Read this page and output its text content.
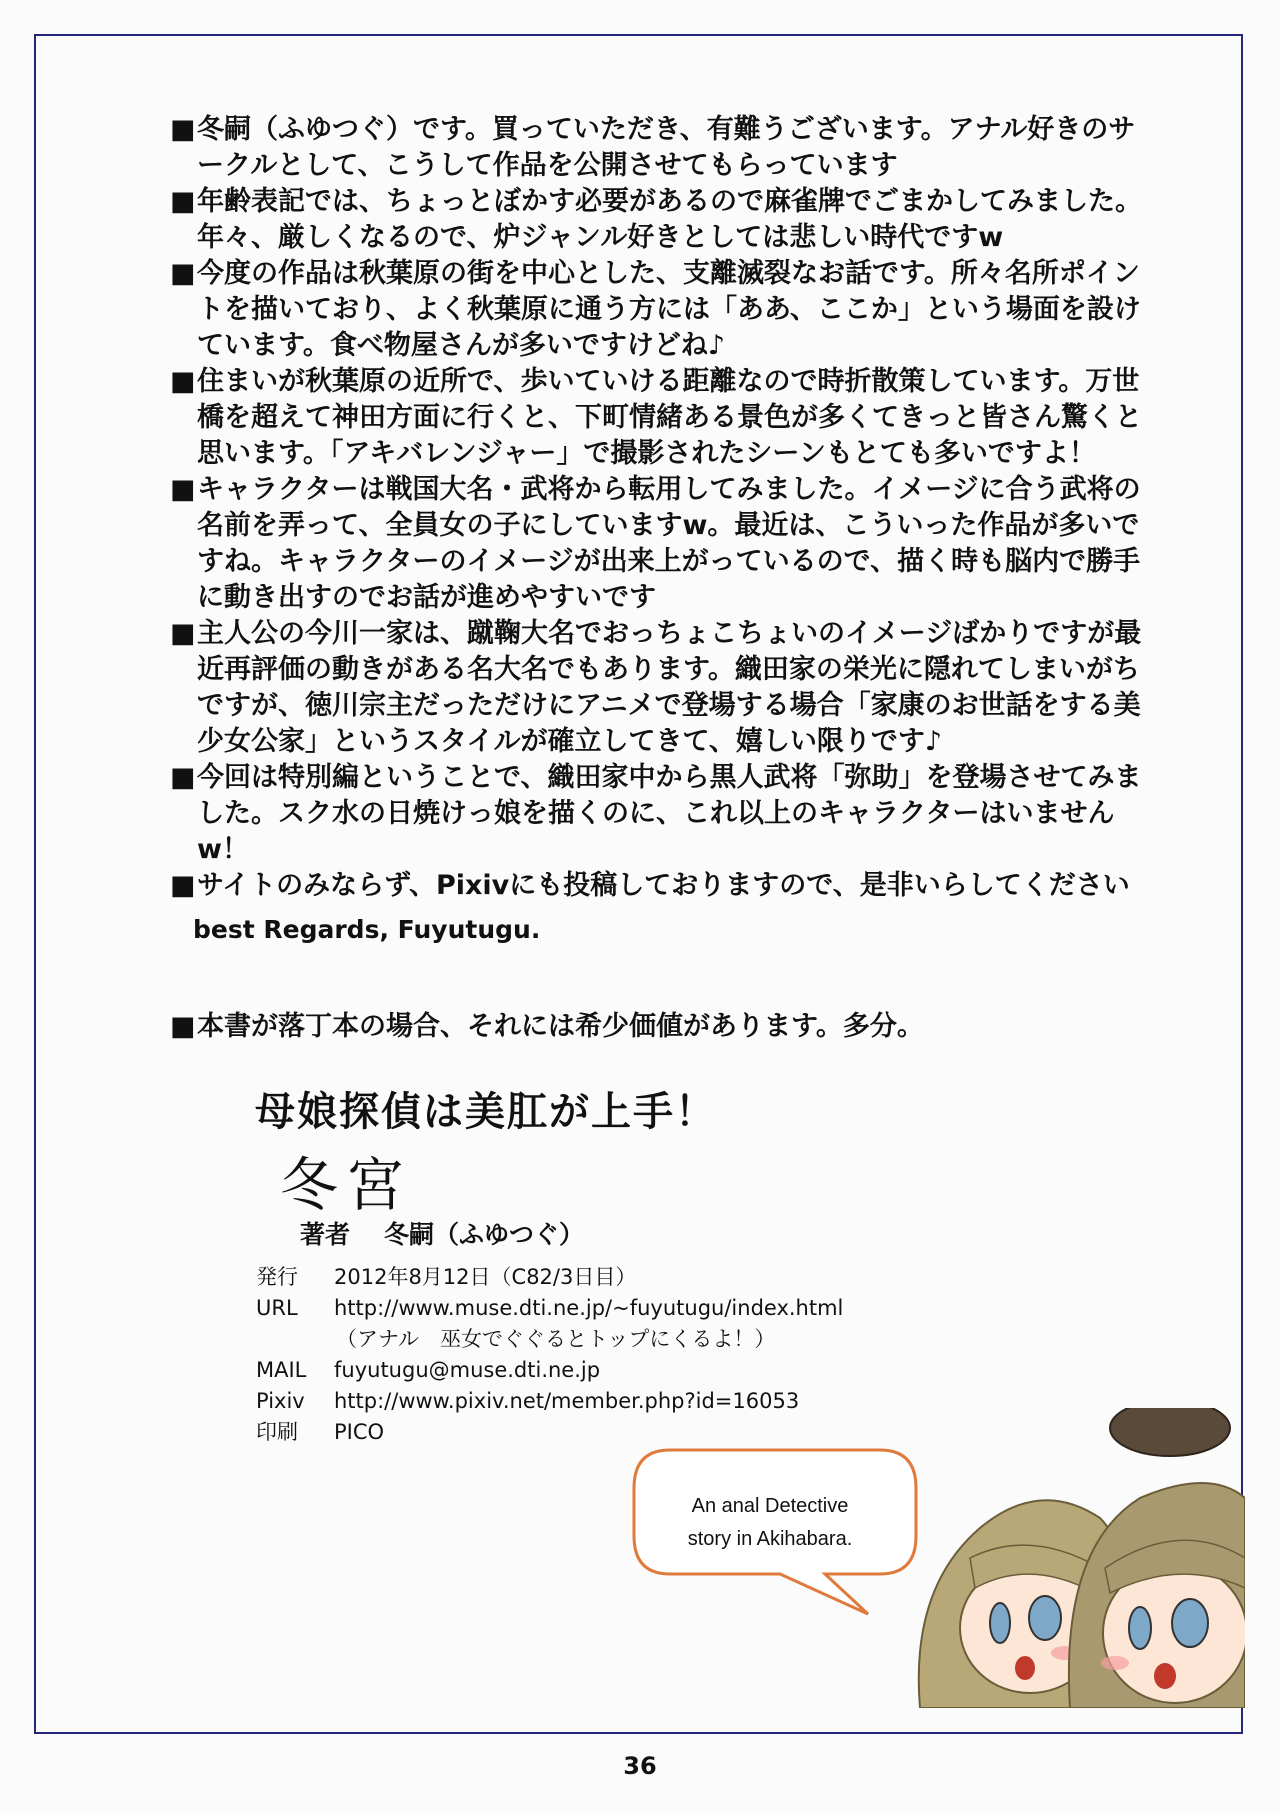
■ 冬嗣（ふゆつぐ）です。買っていただき、有難うございます。アナル好きのサークルとして、こうして作品を公開させてもらっています

■ 年齢表記では、ちょっとぼかす必要があるので麻雀牌でごまかしてみました。年々、厳しくなるので、炉ジャンル好きとしては悲しい時代ですw

■ 今度の作品は秋葉原の街を中心とした、支離滅裂なお話です。所々名所ポイントを描いており、よく秋葉原に通う方には「ああ、ここか」という場面を設けています。食べ物屋さんが多いですけどね♪

■ 住まいが秋葉原の近所で、歩いていける距離なので時折散策しています。万世橋を超えて神田方面に行くと、下町情緒ある景色が多くてきっと皆さん驚くと思います。「アキバレンジャー」で撮影されたシーンもとても多いですよ！

■ キャラクターは戦国大名・武将から転用してみました。イメージに合う武将の名前を弄って、全員女の子にしていますw。最近は、こういった作品が多いですね。キャラクターのイメージが出来上がっているので、描く時も脳内で勝手に動き出すのでお話が進めやすいです

■ 主人公の今川一家は、蹴鞠大名でおっちょこちょいのイメージばかりですが最近再評価の動きがある名大名でもあります。織田家の栄光に隠れてしまいがちですが、徳川宗主だっただけにアニメで登場する場合「家康のお世話をする美少女公家」というスタイルが確立してきて、嬉しい限りです♪

■ 今回は特別編ということで、織田家中から黒人武将「弥助」を登場させてみました。スク水の日焼けっ娘を描くのに、これ以上のキャラクターはいませんw！

■ サイトのみならず、Pixivにも投稿しておりますので、是非いらしてください

best Regards, Fuyutugu.

■ 本書が落丁本の場合、それには希少価値があります。多分。

母娘探偵は美肛が上手！
冬宮
著者 冬嗣（ふゆつぐ）
発行	2012年8月12日（C82/3日目）
URL	http://www.muse.dti.ne.jp/~fuyutugu/index.html
（アナル　巫女でぐぐるとトップにくるよ！）
MAIL	fuyutugu@muse.dti.ne.jp
Pixiv	http://www.pixiv.net/member.php?id=16053
印刷	PICO
An anal Detective
story in Akihabara.
36
